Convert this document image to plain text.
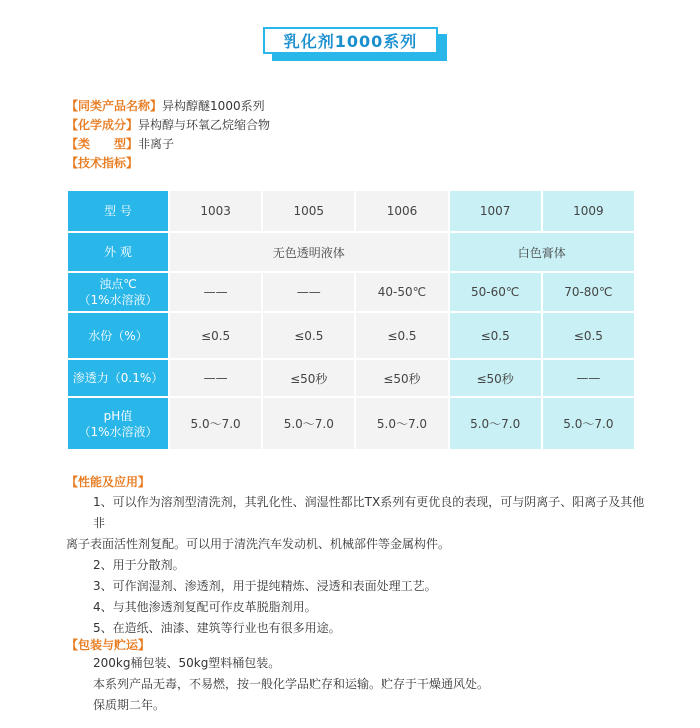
乳化剂1000系列
【同类产品名称】异构醇醚1000系列
【化学成分】异构醇与环氧乙烷缩合物
【类　　型】非离子
【技术指标】
型 号	1003	1005	1006	1007	1009
外 观	无色透明液体			白色膏体	
浊点℃
（1%水溶液）	——	——	40-50℃	50-60℃	70-80℃
水份（%）	≤0.5	≤0.5	≤0.5	≤0.5	≤0.5
渗透力（0.1%）	——	≤50秒	≤50秒	≤50秒	——
pH值
（1%水溶液）	5.0～7.0	5.0～7.0	5.0～7.0	5.0～7.0	5.0～7.0
【性能及应用】

1、可以作为溶剂型清洗剂，其乳化性、润湿性都比TX系列有更优良的表现，可与阴离子、阳离子及其他非

离子表面活性剂复配。可以用于清洗汽车发动机、机械部件等金属构件。

2、用于分散剂。

3、可作润湿剂、渗透剂，用于提纯精炼、浸透和表面处理工艺。

4、与其他渗透剂复配可作皮革脱脂剂用。

5、在造纸、油漆、建筑等行业也有很多用途。

【包装与贮运】

200kg桶包装、50kg塑料桶包装。

本系列产品无毒，不易燃，按一般化学品贮存和运输。贮存于干燥通风处。

保质期二年。
